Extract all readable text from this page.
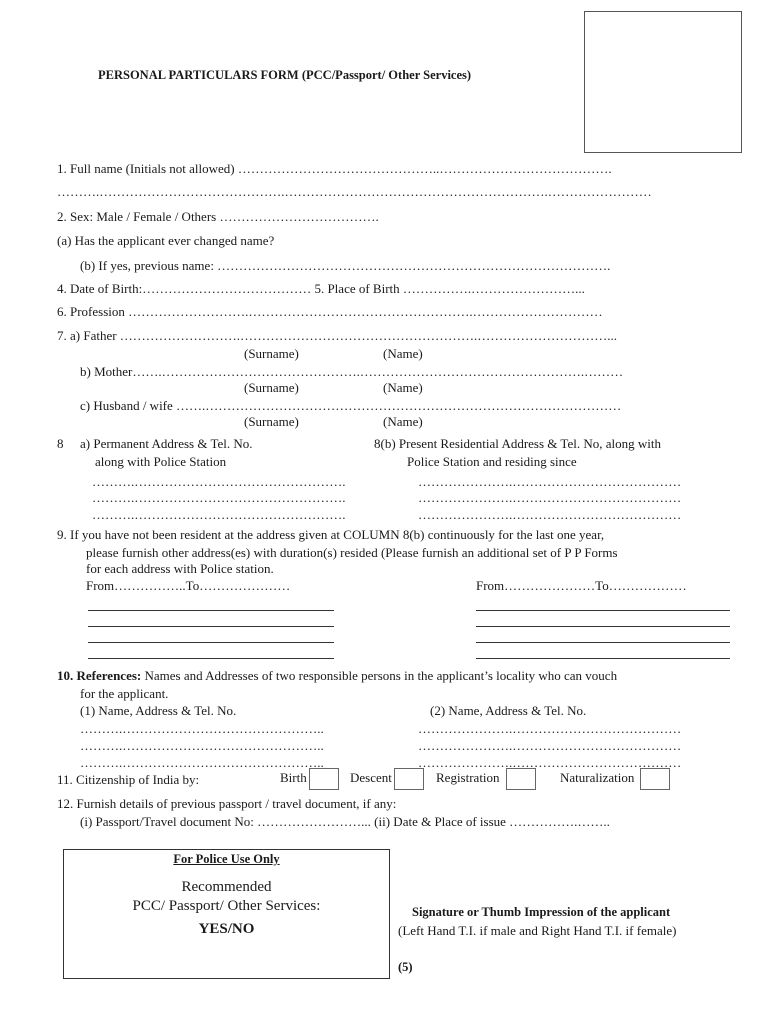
PERSONAL PARTICULARS FORM (PCC/Passport/ Other Services)
1. Full name (Initials not allowed) ………………………………………..………………………………….
……….…………………………………….…………………………………………………….……………………
2. Sex: Male / Female / Others ……………………………….
(a) Has the applicant ever changed name?
(b) If yes, previous name: ……………………………………………………………………………….
4. Date of Birth:………………………………… 5. Place of Birth …………….……………………...
6. Profession ……………………….…………………………………………….…………………………
7. a) Father ……………………….……………………………………………….…………………………...
(Surname)	(Name)
b) Mother…….……………………………………….…………………………………………….………
(Surname)	(Name)
c) Husband / wife …….……………………………………………………………………………………
(Surname)	(Name)
8 a) Permanent Address & Tel. No.
along with Police Station
8(b) Present Residential Address & Tel. No, along with
Police Station and residing since
……….………………………………………….
……….………………………………………….
……….………………………………………….
………………….…………………………………
………………….…………………………………
………………….…………………………………
9. If you have not been resident at the address given at COLUMN 8(b) continuously for the last one year,
please furnish other address(es) with duration(s) resided (Please furnish an additional set of P P Forms
for each address with Police station.
From……………..To…………………	From…………………To………………
10. References: Names and Addresses of two responsible persons in the applicant’s locality who can vouch
for the applicant.
(1) Name, Address & Tel. No.	(2) Name, Address & Tel. No.
……….………………………………………..
……….………………………………………..
……….………………………………………..
………………….…………………………………
………………….…………………………………
………………….…………………………………
11. Citizenship of India by:	Birth	Descent	Registration	Naturalization
12. Furnish details of previous passport / travel document, if any:
(i) Passport/Travel document No: ……………………... (ii) Date & Place of issue …………….……..
For Police Use Only
Recommended
PCC/ Passport/ Other Services:
YES/NO
Signature or Thumb Impression of the applicant
(Left Hand T.I. if male and Right Hand T.I. if female)
(5)
